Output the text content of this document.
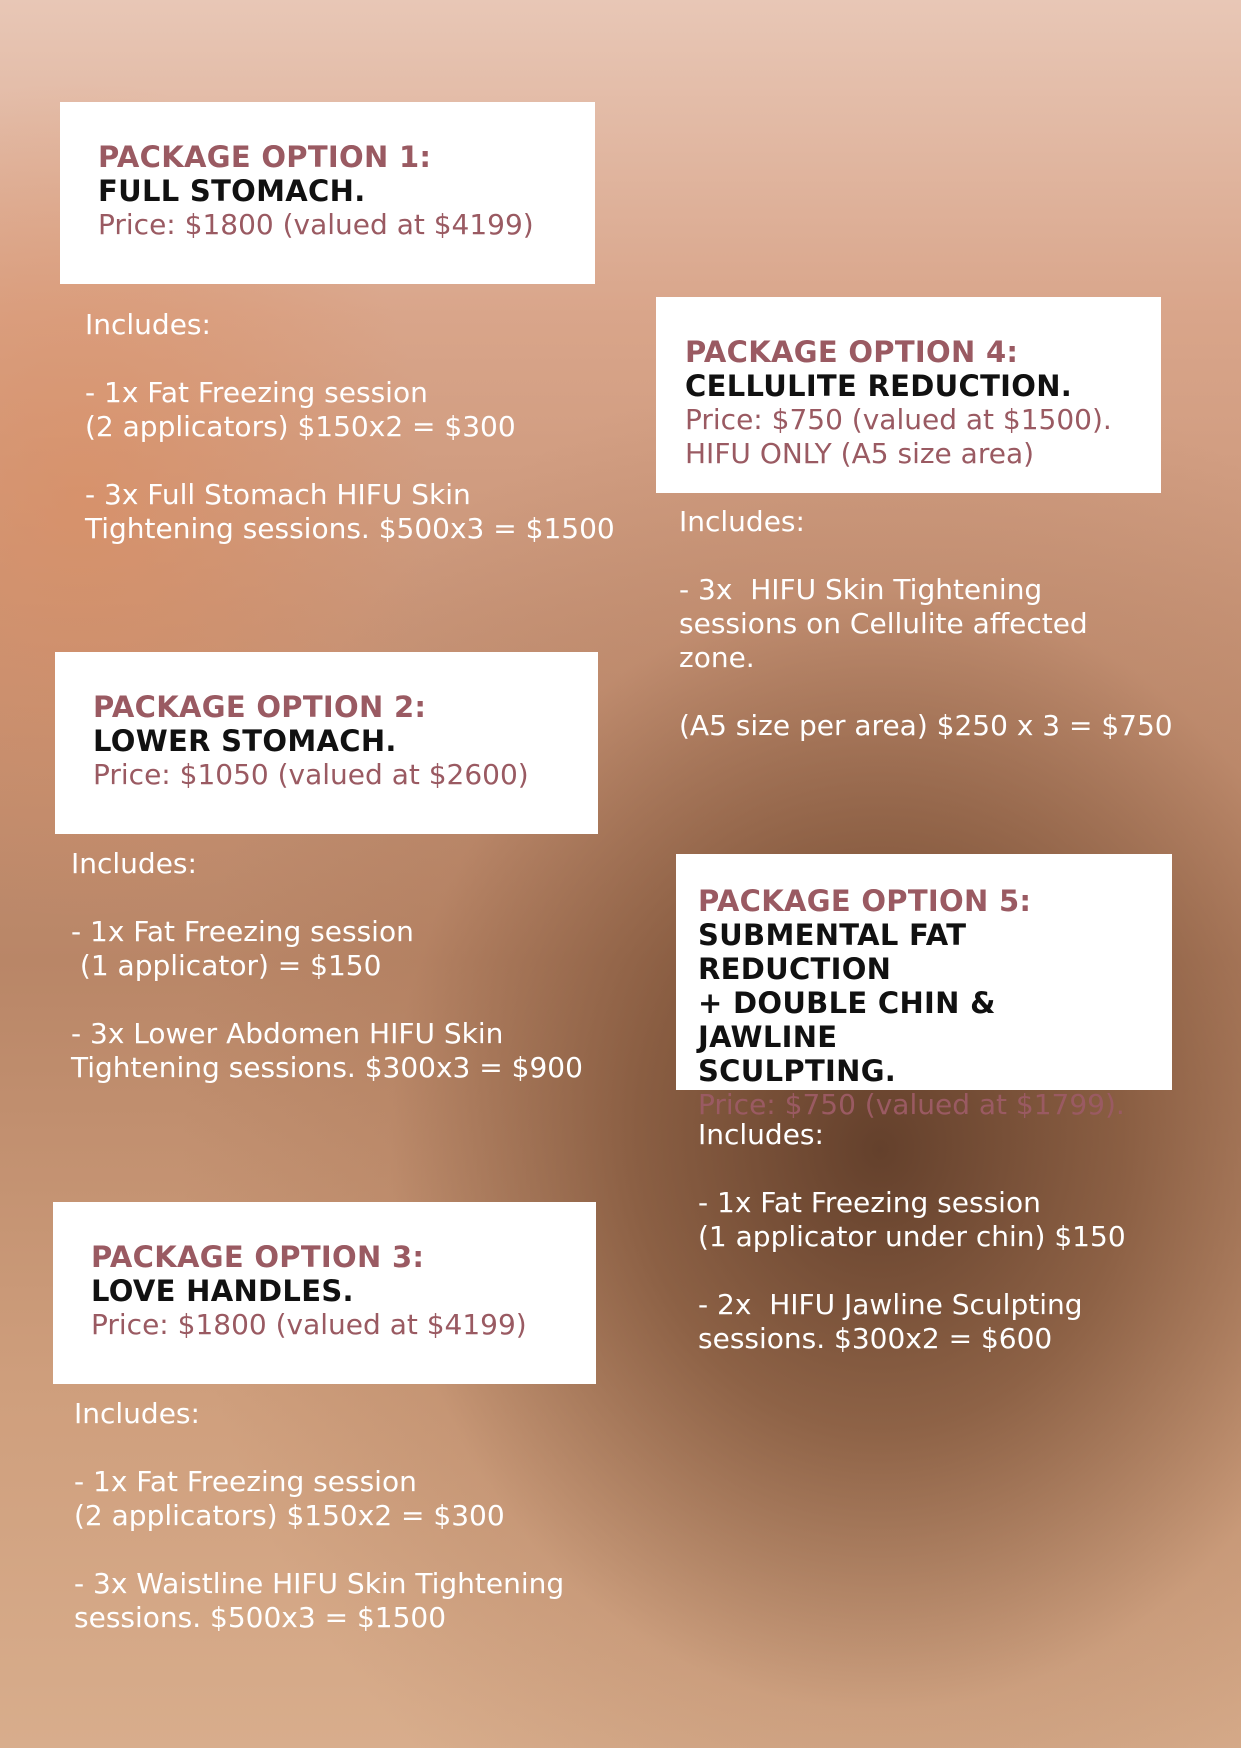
PACKAGE OPTION 1:

FULL STOMACH.

Price: $1800 (valued at $4199)

Includes:

- 1x Fat Freezing session

(2 applicators) $150x2 = $300

- 3x Full Stomach HIFU Skin

Tightening sessions. $500x3 = $1500

PACKAGE OPTION 2:

LOWER STOMACH.

Price: $1050 (valued at $2600)

Includes:

- 1x Fat Freezing session

(1 applicator) = $150

- 3x Lower Abdomen HIFU Skin

Tightening sessions. $300x3 = $900

PACKAGE OPTION 3:

LOVE HANDLES.

Price: $1800 (valued at $4199)

Includes:

- 1x Fat Freezing session

(2 applicators) $150x2 = $300

- 3x Waistline HIFU Skin Tightening

sessions. $500x3 = $1500

PACKAGE OPTION 4:

CELLULITE REDUCTION.

Price: $750 (valued at $1500).

HIFU ONLY (A5 size area)

Includes:

- 3x  HIFU Skin Tightening

sessions on Cellulite affected

zone.

(A5 size per area) $250 x 3 = $750

PACKAGE OPTION 5:

SUBMENTAL FAT REDUCTION

+ DOUBLE CHIN & JAWLINE

SCULPTING.

Price: $750 (valued at $1799).

Includes:

- 1x Fat Freezing session

(1 applicator under chin) $150

- 2x  HIFU Jawline Sculpting

sessions. $300x2 = $600
